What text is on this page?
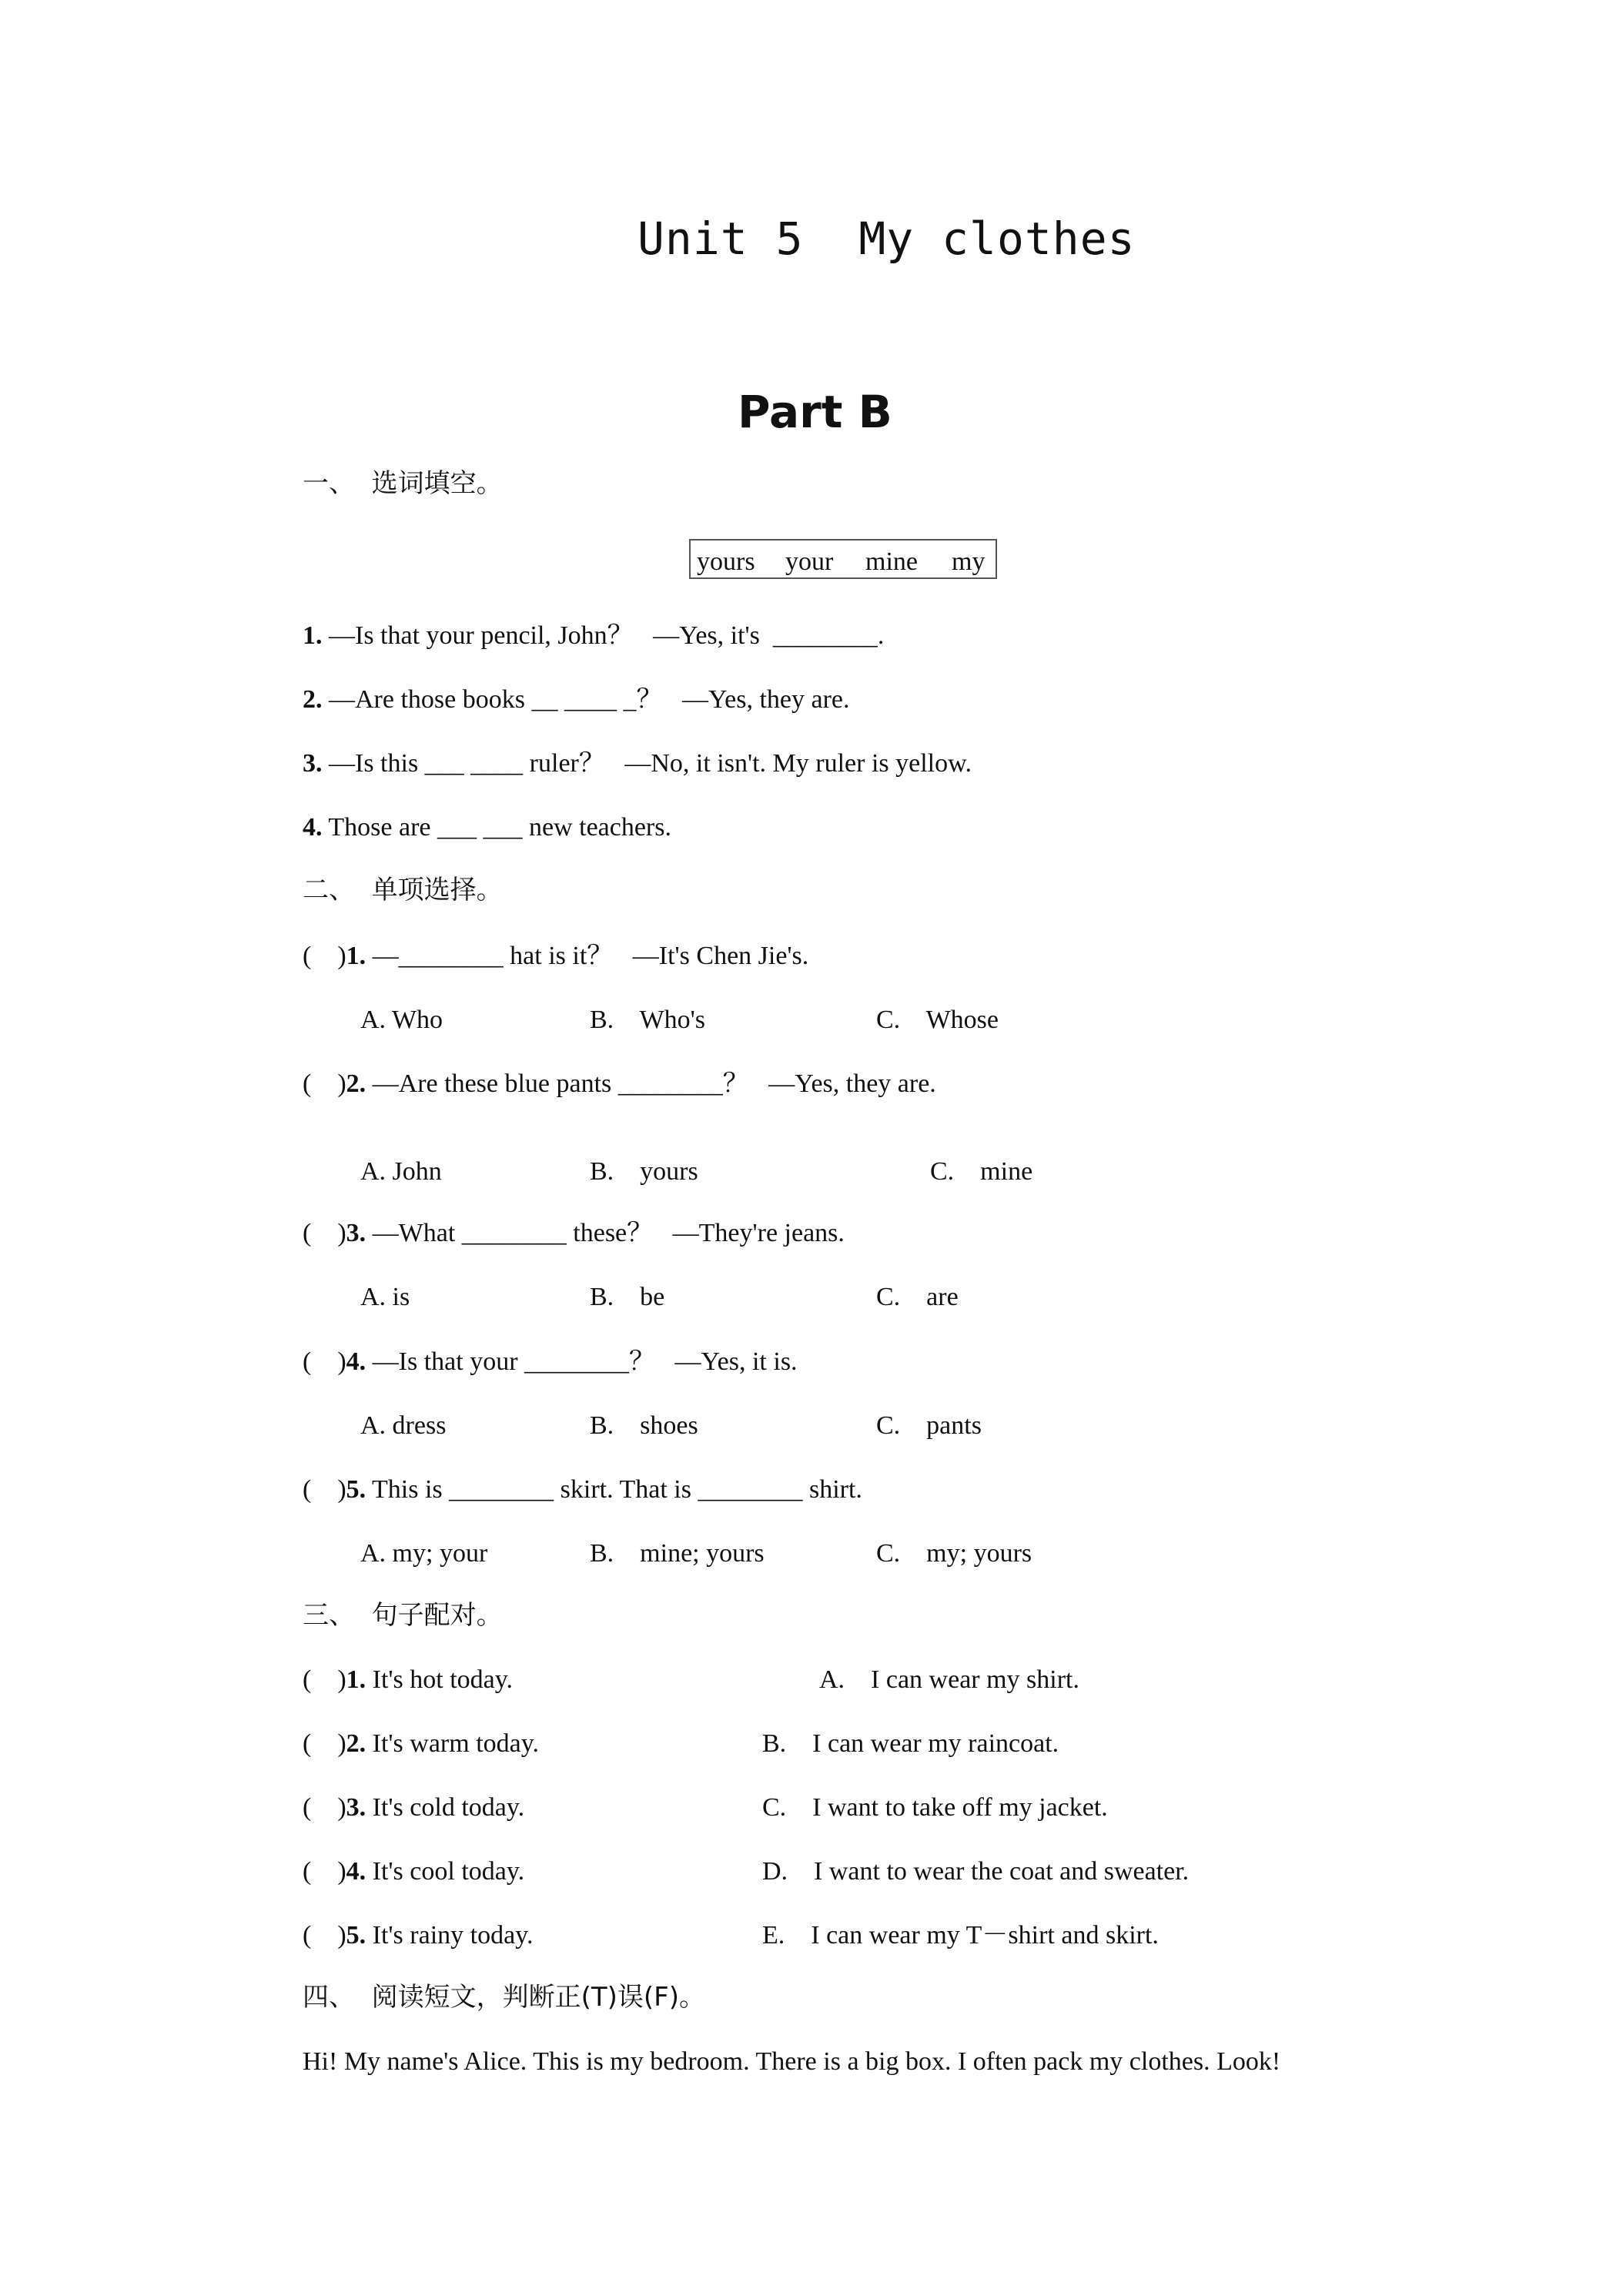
Unit 5  My clothes
Part B
一、  选词填空。
yours your mine my
1. —Is that your pencil, John？   —Yes, it's  ________.
2. —Are those books __ ____ _？   —Yes, they are.
3. —Is this ___ ____ ruler？   —No, it isn't. My ruler is yellow.
4. Those are ___ ___ new teachers.
二、  单项选择。
(    )1. —________ hat is it？   —It's Chen Jie's.
A. Who	B.    Who's	C.    Whose
(    )2. —Are these blue pants ________？   —Yes, they are.
A. John	B.    yours	C.    mine
(    )3. —What ________ these？   —They're jeans.
A. is	B.    be	C.    are
(    )4. —Is that your ________？   —Yes, it is.
A. dress	B.    shoes	C.    pants
(    )5. This is ________ skirt. That is ________ shirt.
A. my; your	B.    mine; yours	C.    my; yours
三、  句子配对。
(    )1. It's hot today.	A.    I can wear my shirt.
(    )2. It's warm today.	B.    I can wear my raincoat.
(    )3. It's cold today.	C.    I want to take off my jacket.
(    )4. It's cool today.	D.    I want to wear the coat and sweater.
(    )5. It's rainy today.	E.    I can wear my T－shirt and skirt.
四、  阅读短文，判断正(T)误(F)。
Hi! My name's Alice. This is my bedroom. There is a big box. I often pack my clothes. Look!
